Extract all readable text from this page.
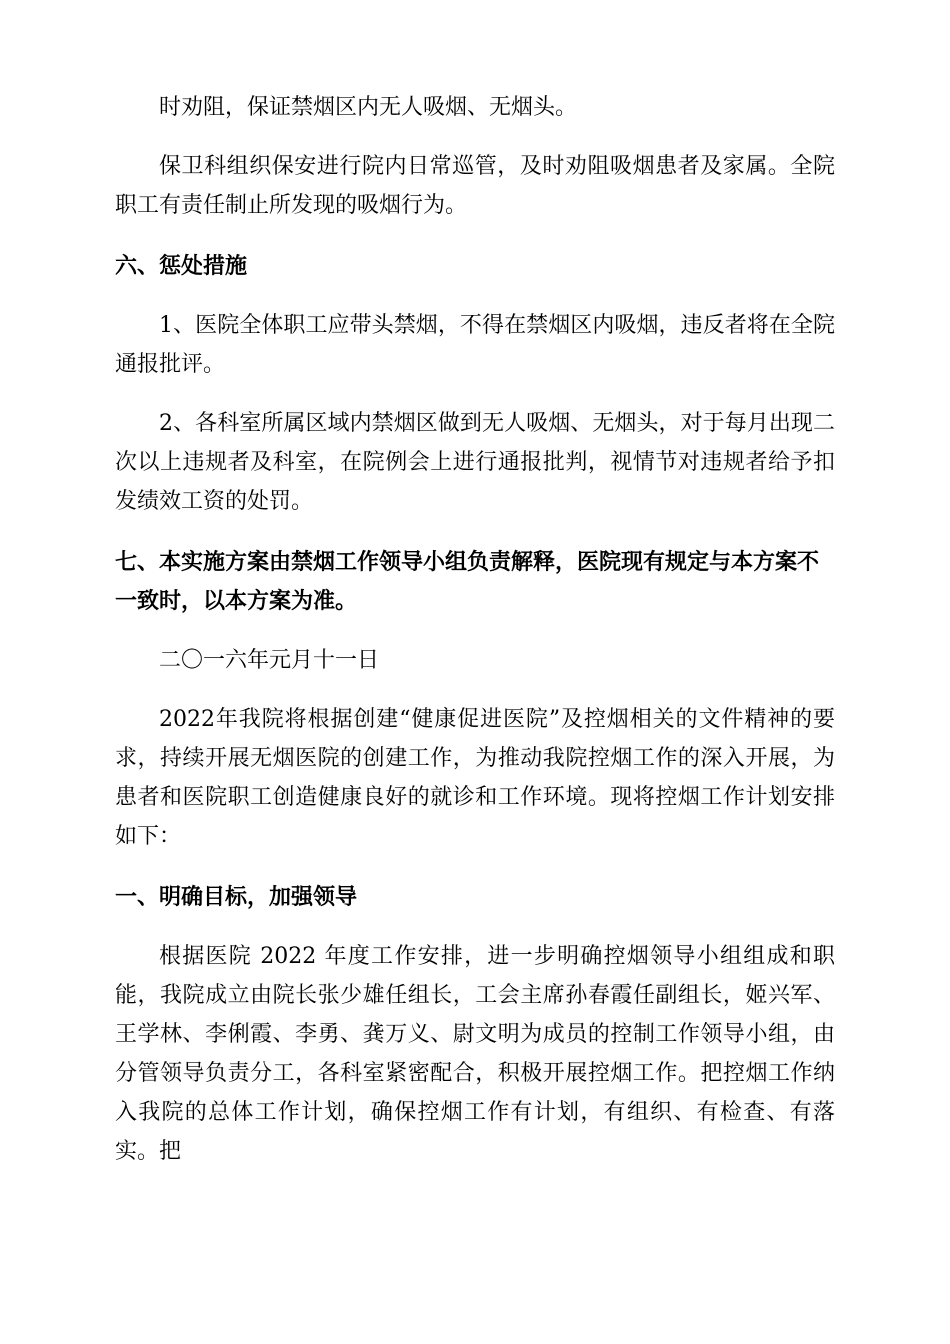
时劝阻，保证禁烟区内无人吸烟、无烟头。

保卫科组织保安进行院内日常巡管，及时劝阻吸烟患者及家属。全院职工有责任制止所发现的吸烟行为。

六、惩处措施

1、医院全体职工应带头禁烟，不得在禁烟区内吸烟，违反者将在全院通报批评。

2、各科室所属区域内禁烟区做到无人吸烟、无烟头，对于每月出现二次以上违规者及科室，在院例会上进行通报批判，视情节对违规者给予扣发绩效工资的处罚。

七、本实施方案由禁烟工作领导小组负责解释，医院现有规定与本方案不一致时，以本方案为准。

二〇一六年元月十一日

2022年我院将根据创建“健康促进医院”及控烟相关的文件精神的要求，持续开展无烟医院的创建工作，为推动我院控烟工作的深入开展，为患者和医院职工创造健康良好的就诊和工作环境。现将控烟工作计划安排如下：

一、明确目标，加强领导

根据医院 2022 年度工作安排，进一步明确控烟领导小组组成和职能，我院成立由院长张少雄任组长，工会主席孙春霞任副组长，姬兴军、王学林、李俐霞、李勇、龚万义、尉文明为成员的控制工作领导小组，由分管领导负责分工，各科室紧密配合，积极开展控烟工作。把控烟工作纳入我院的总体工作计划，确保控烟工作有计划，有组织、有检查、有落实。把
